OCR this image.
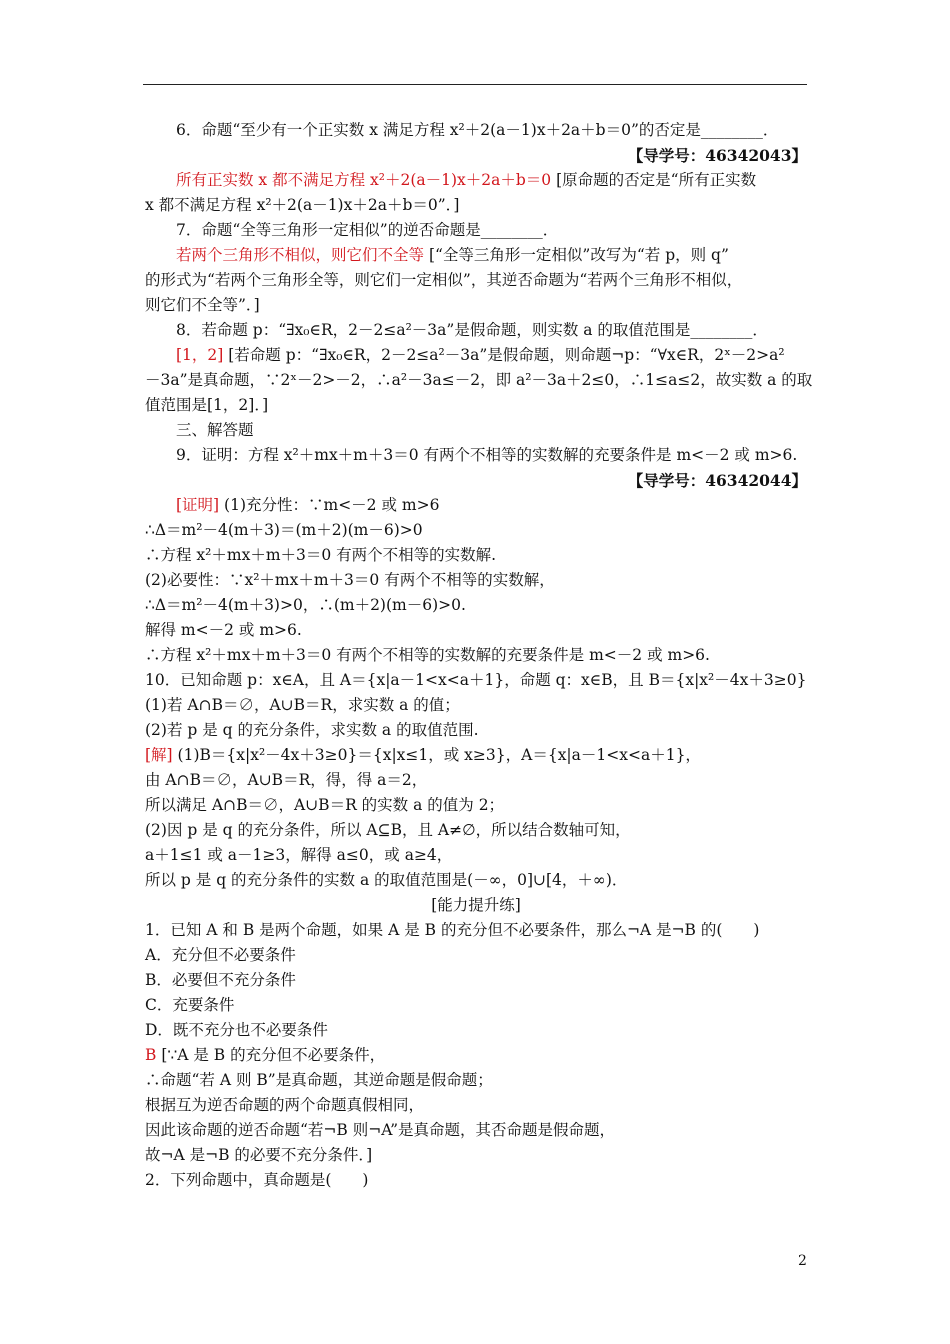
6．命题“至少有一个正实数 x 满足方程 x²＋2(a－1)x＋2a＋b＝0”的否定是________．
【导学号：46342043】
所有正实数 x 都不满足方程 x²＋2(a－1)x＋2a＋b＝0 [原命题的否定是“所有正实数
x 都不满足方程 x²＋2(a－1)x＋2a＋b＝0”．]
7．命题“全等三角形一定相似”的逆否命题是________．
若两个三角形不相似，则它们不全等 [“全等三角形一定相似”改写为“若 p，则 q”
的形式为“若两个三角形全等，则它们一定相似”，其逆否命题为“若两个三角形不相似，
则它们不全等”．]
8．若命题 p：“∃x₀∈R，2－2≤a²－3a”是假命题，则实数 a 的取值范围是________．
[1，2] [若命题 p：“∃x₀∈R，2－2≤a²－3a”是假命题，则命题¬p：“∀x∈R，2ˣ－2>a²
－3a”是真命题，∵2ˣ－2>－2，∴a²－3a≤－2，即 a²－3a＋2≤0，∴1≤a≤2，故实数 a 的取
值范围是[1，2]．]
三、解答题
9．证明：方程 x²＋mx＋m＋3＝0 有两个不相等的实数解的充要条件是 m<－2 或 m>6.
【导学号：46342044】
[证明] (1)充分性：∵m<－2 或 m>6
∴Δ＝m²－4(m＋3)＝(m＋2)(m－6)>0
∴方程 x²＋mx＋m＋3＝0 有两个不相等的实数解.
(2)必要性：∵x²＋mx＋m＋3＝0 有两个不相等的实数解，
∴Δ＝m²－4(m＋3)>0，∴(m＋2)(m－6)>0.
解得 m<－2 或 m>6.
∴方程 x²＋mx＋m＋3＝0 有两个不相等的实数解的充要条件是 m<－2 或 m>6.
10．已知命题 p：x∈A，且 A＝{x|a－1<x<a＋1}，命题 q：x∈B，且 B＝{x|x²－4x＋3≥0}
(1)若 A∩B＝∅，A∪B＝R，求实数 a 的值；
(2)若 p 是 q 的充分条件，求实数 a 的取值范围.
[解] (1)B＝{x|x²－4x＋3≥0}＝{x|x≤1，或 x≥3}，A＝{x|a－1<x<a＋1}，
由 A∩B＝∅，A∪B＝R，得，得 a＝2，
所以满足 A∩B＝∅，A∪B＝R 的实数 a 的值为 2；
(2)因 p 是 q 的充分条件，所以 A⊆B，且 A≠∅，所以结合数轴可知，
a＋1≤1 或 a－1≥3，解得 a≤0，或 a≥4，
所以 p 是 q 的充分条件的实数 a 的取值范围是(－∞，0]∪[4，＋∞)．
[能力提升练]
1．已知 A 和 B 是两个命题，如果 A 是 B 的充分但不必要条件，那么¬A 是¬B 的(　　)
A．充分但不必要条件
B．必要但不充分条件
C．充要条件
D．既不充分也不必要条件
B [∵A 是 B 的充分但不必要条件，
∴命题“若 A 则 B”是真命题，其逆命题是假命题；
根据互为逆否命题的两个命题真假相同，
因此该命题的逆否命题“若¬B 则¬A”是真命题，其否命题是假命题，
故¬A 是¬B 的必要不充分条件．]
2．下列命题中，真命题是(　　)
2
